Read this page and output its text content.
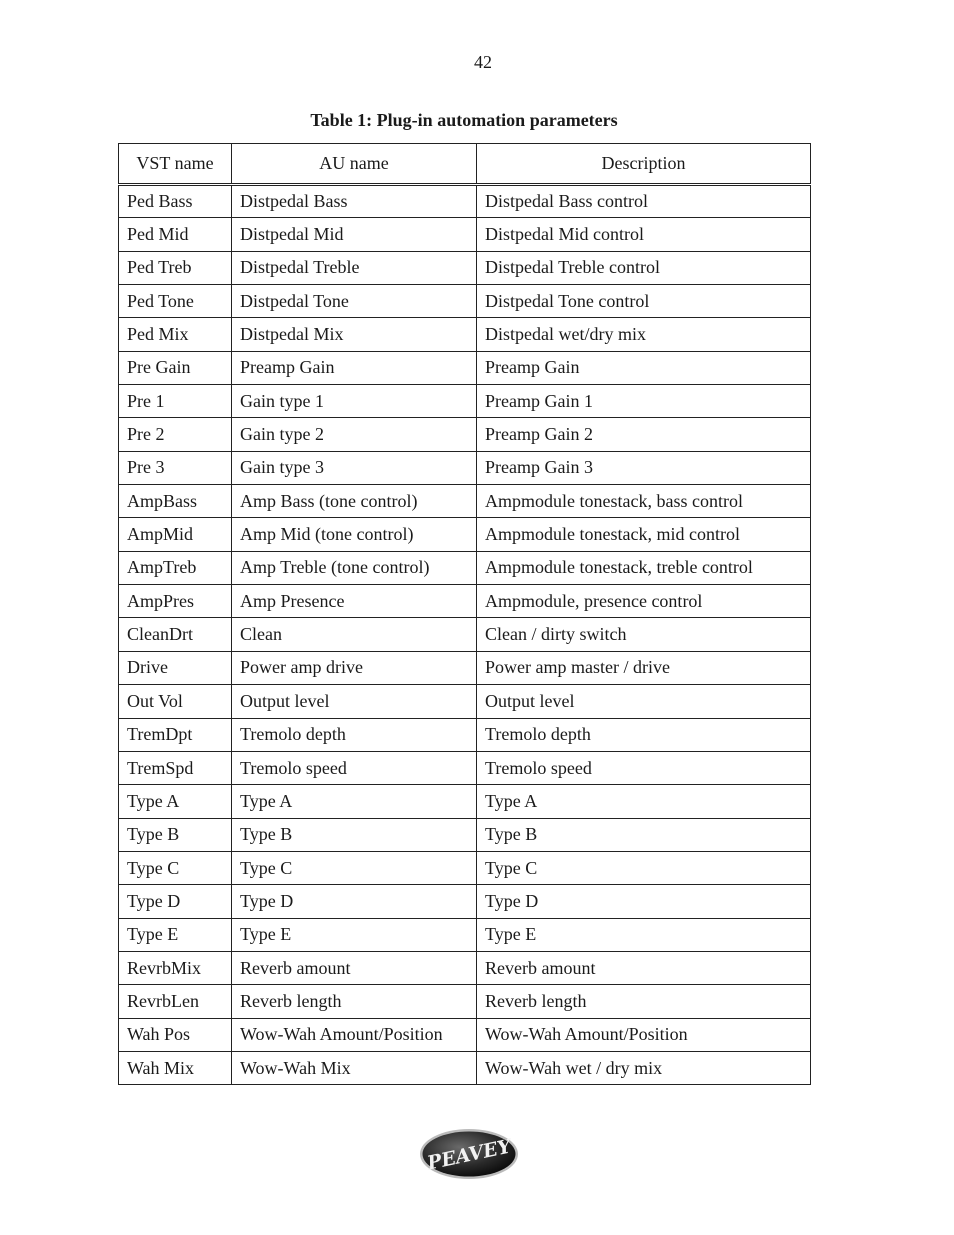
42
Table 1: Plug-in automation parameters
VST name	AU name	Description
Ped Bass	Distpedal Bass	Distpedal Bass control
Ped Mid	Distpedal Mid	Distpedal Mid control
Ped Treb	Distpedal Treble	Distpedal Treble control
Ped Tone	Distpedal Tone	Distpedal Tone control
Ped Mix	Distpedal Mix	Distpedal wet/dry mix
Pre Gain	Preamp Gain	Preamp Gain
Pre 1	Gain type 1	Preamp Gain 1
Pre 2	Gain type 2	Preamp Gain 2
Pre 3	Gain type 3	Preamp Gain 3
AmpBass	Amp Bass (tone control)	Ampmodule tonestack, bass control
AmpMid	Amp Mid (tone control)	Ampmodule tonestack, mid control
AmpTreb	Amp Treble (tone control)	Ampmodule tonestack, treble control
AmpPres	Amp Presence	Ampmodule, presence control
CleanDrt	Clean	Clean / dirty switch
Drive	Power amp drive	Power amp master / drive
Out Vol	Output level	Output level
TremDpt	Tremolo depth	Tremolo depth
TremSpd	Tremolo speed	Tremolo speed
Type A	Type A	Type A
Type B	Type B	Type B
Type C	Type C	Type C
Type D	Type D	Type D
Type E	Type E	Type E
RevrbMix	Reverb amount	Reverb amount
RevrbLen	Reverb length	Reverb length
Wah Pos	Wow-Wah Amount/Position	Wow-Wah Amount/Position
Wah Mix	Wow-Wah Mix	Wow-Wah wet / dry mix
PEAVEY
